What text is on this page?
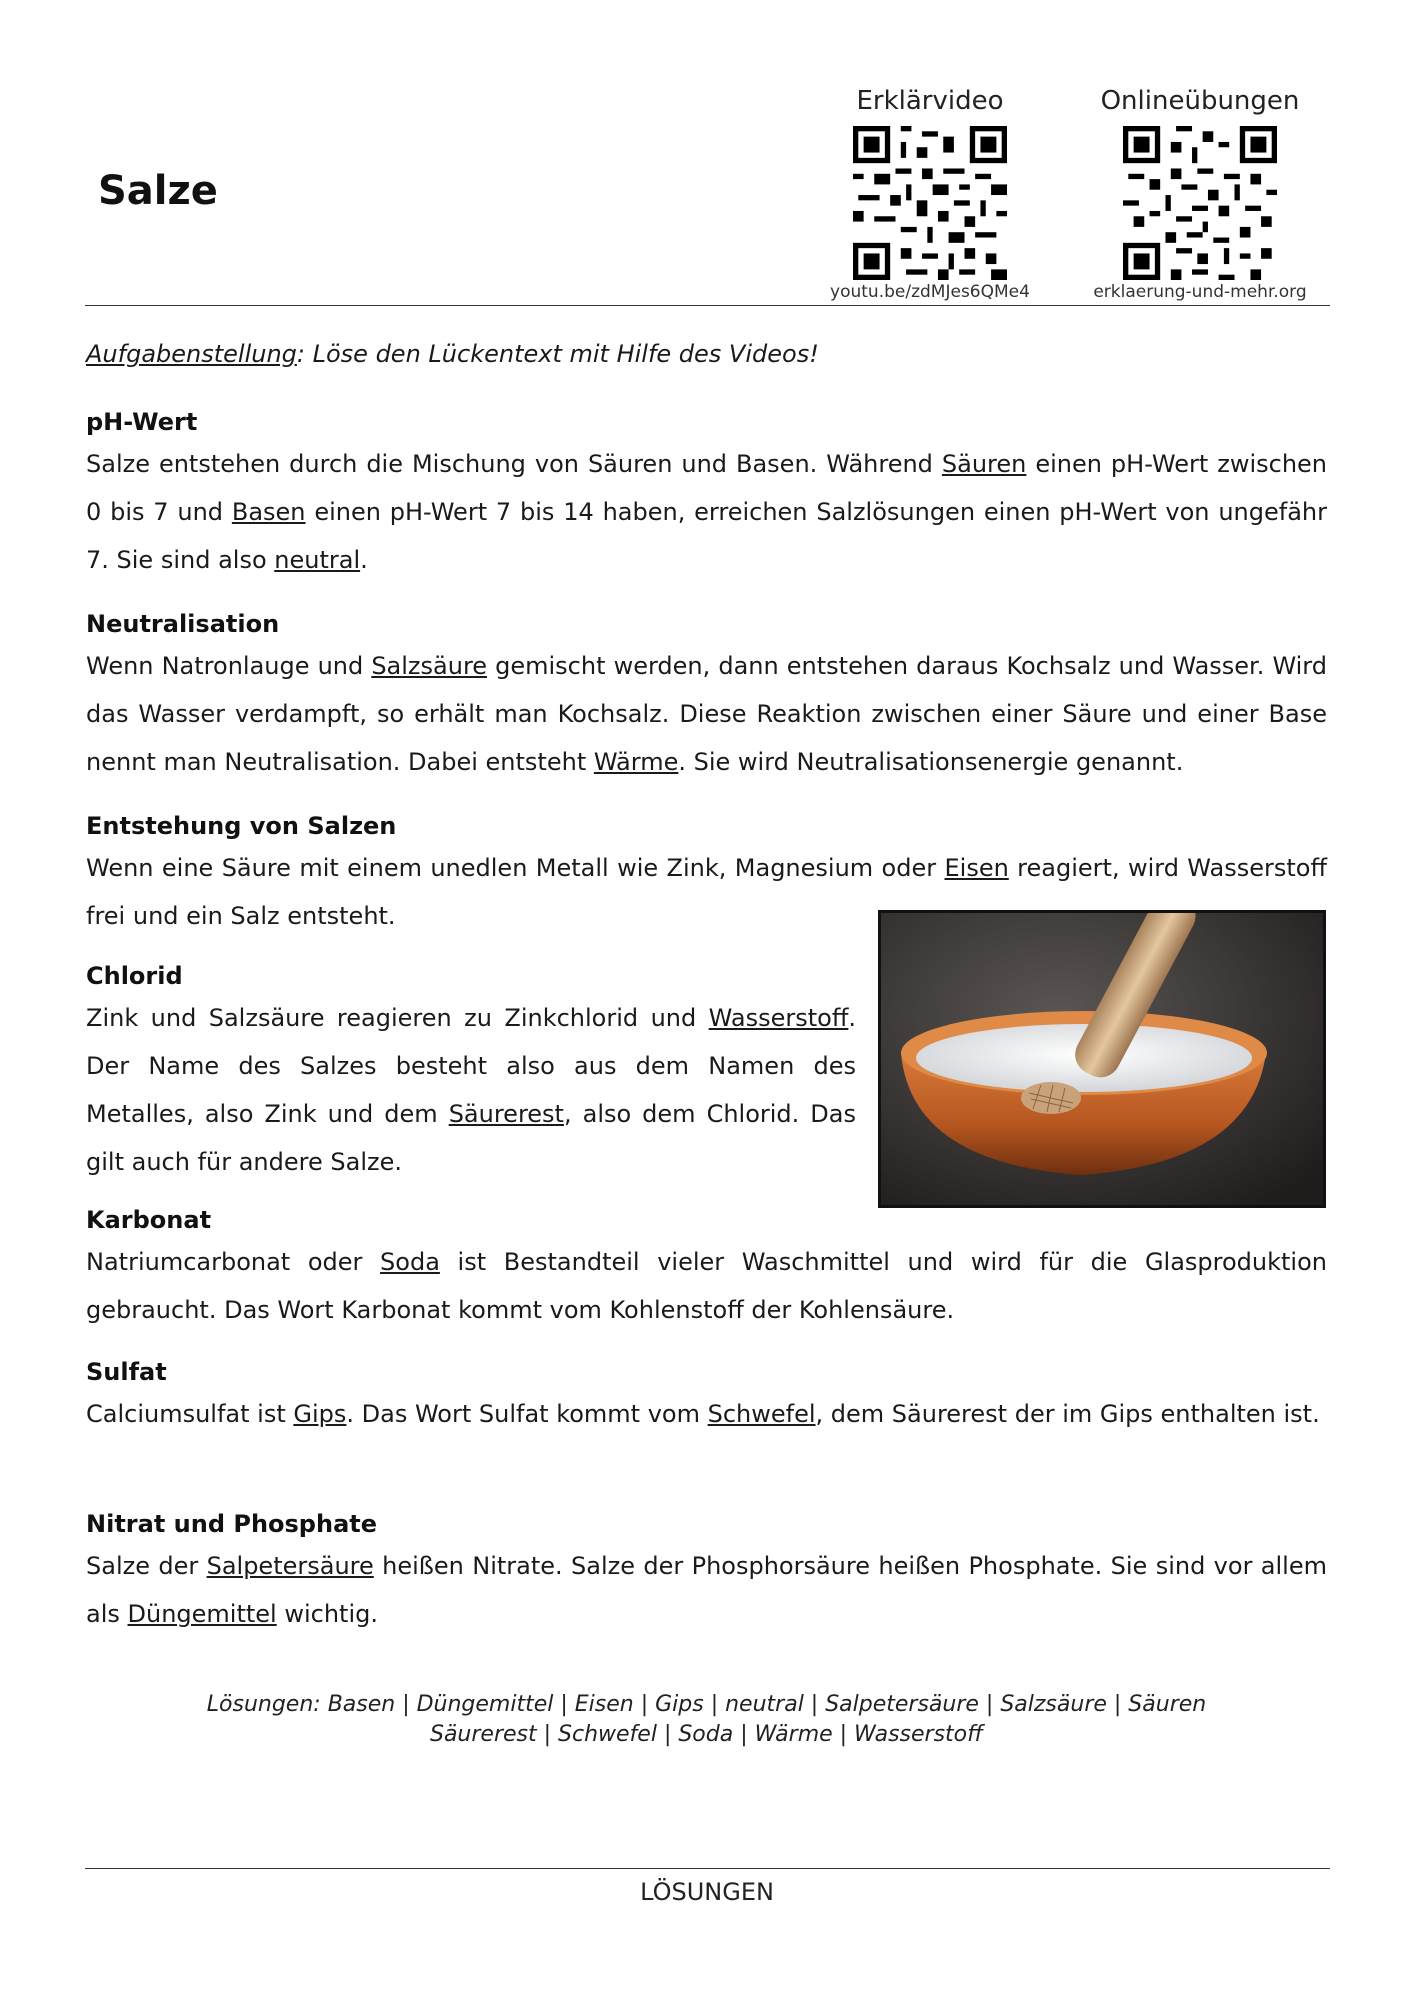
Salze
Erklärvideo
youtu.be/zdMJes6QMe4
Onlineübungen
erklaerung-und-mehr.org
Aufgabenstellung: Löse den Lückentext mit Hilfe des Videos!
pH-Wert

Salze entstehen durch die Mischung von Säuren und Basen. Während Säuren einen pH-Wert zwischen 0 bis 7 und Basen einen pH-Wert 7 bis 14 haben, erreichen Salzlösungen einen pH-Wert von ungefähr 7. Sie sind also neutral.

Neutralisation

Wenn Natronlauge und Salzsäure gemischt werden, dann entstehen daraus Kochsalz und Wasser. Wird das Wasser verdampft, so erhält man Kochsalz. Diese Reaktion zwischen einer Säure und einer Base nennt man Neutralisation. Dabei entsteht Wärme. Sie wird Neutralisationsenergie genannt.

Entstehung von Salzen

Wenn eine Säure mit einem unedlen Metall wie Zink, Magnesium oder Eisen reagiert, wird Wasserstoff frei und ein Salz entsteht.

Chlorid

Zink und Salzsäure reagieren zu Zinkchlorid und Wasserstoff. Der Name des Salzes besteht also aus dem Namen des Metalles, also Zink und dem Säurerest, also dem Chlorid. Das gilt auch für andere Salze.

Karbonat

Natriumcarbonat oder Soda ist Bestandteil vieler Waschmittel und wird für die Glasproduktion gebraucht. Das Wort Karbonat kommt vom Kohlenstoff der Kohlensäure.

Sulfat

Calciumsulfat ist Gips. Das Wort Sulfat kommt vom Schwefel, dem Säurerest der im Gips enthalten ist.

Nitrat und Phosphate

Salze der Salpetersäure heißen Nitrate. Salze der Phosphorsäure heißen Phosphate. Sie sind vor allem als Düngemittel wichtig.

Lösungen: Basen | Düngemittel | Eisen | Gips | neutral | Salpetersäure | Salzsäure | Säuren
Säurerest | Schwefel | Soda | Wärme | Wasserstoff
LÖSUNGEN
